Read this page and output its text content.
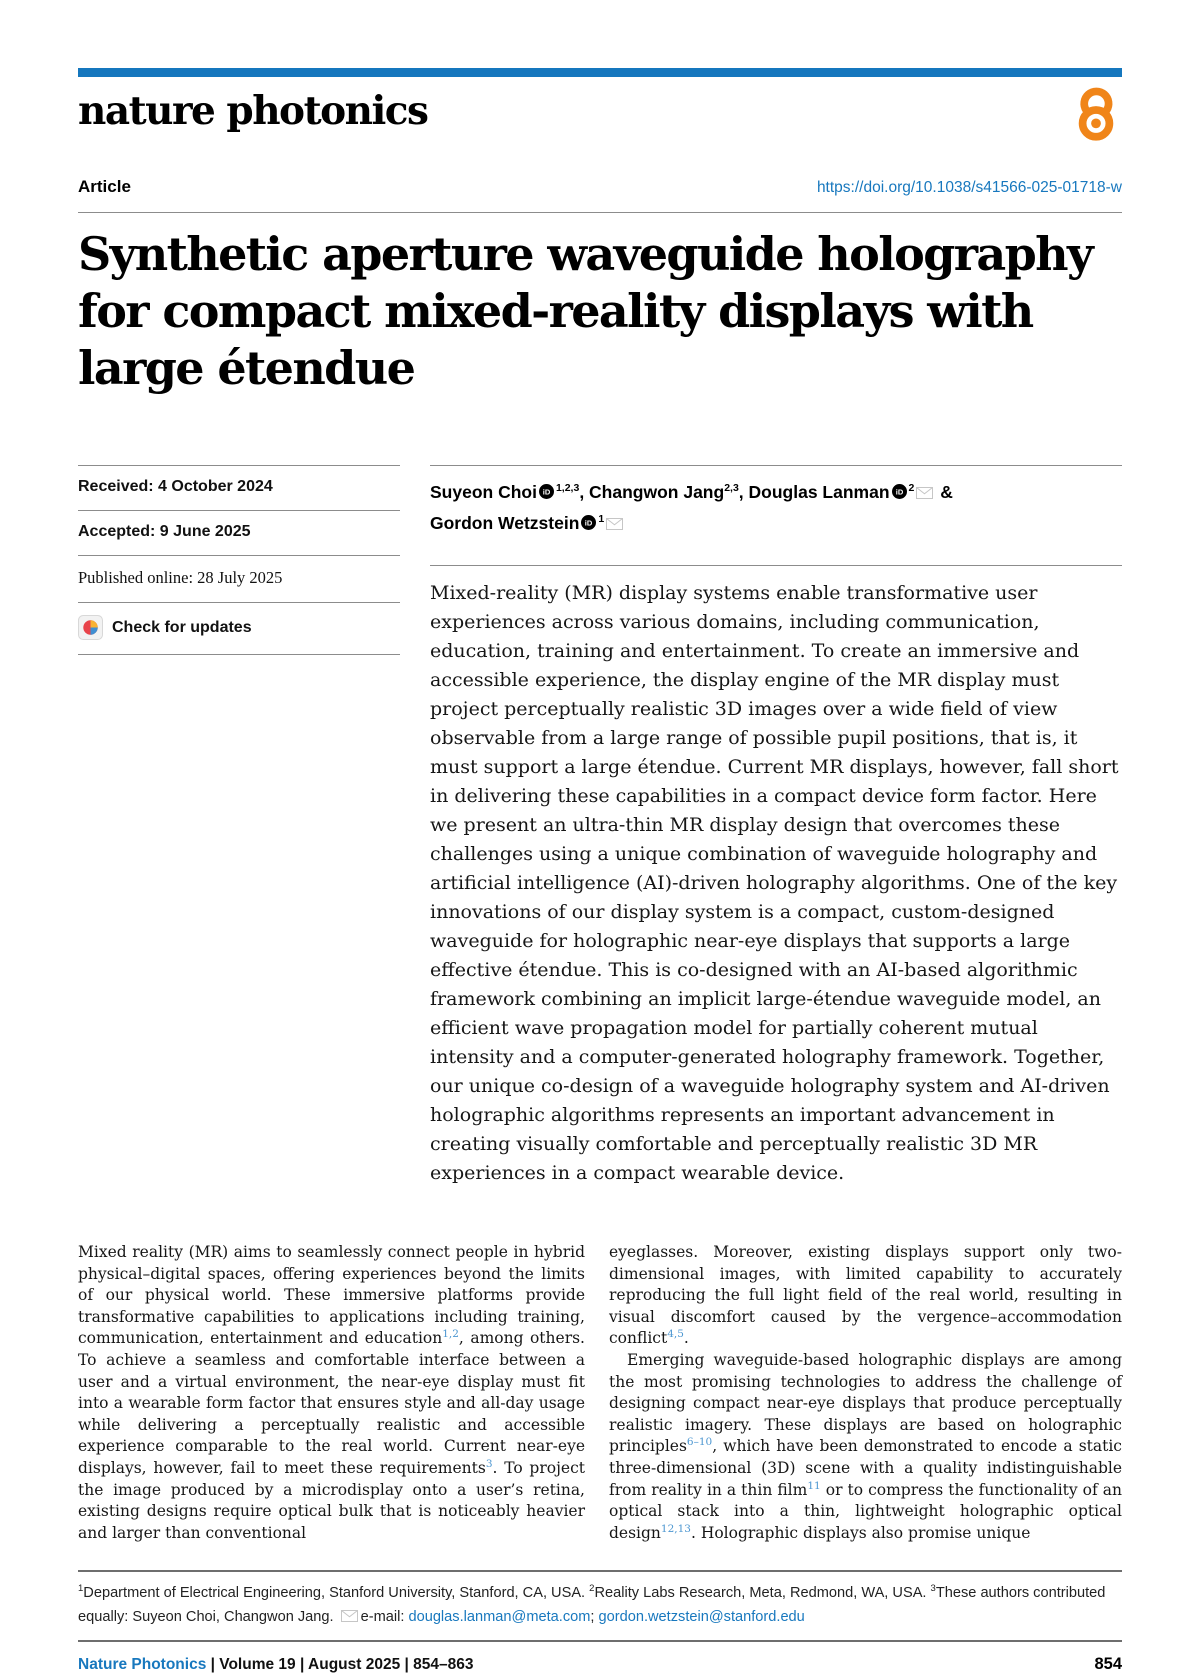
nature photonics
Article	https://doi.org/10.1038/s41566-025-01718-w
Synthetic aperture waveguide holography
for compact mixed-reality displays with
large étendue
Received: 4 October 2024
Accepted: 9 June 2025
Published online: 28 July 2025
Check for updates

Suyeon Choi iD $^{1,2,3}$, Changwon Jang$^{2,3}$, Douglas Lanman iD $^2$ &
Gordon Wetzstein iD $^1$

Mixed-reality (MR) display systems enable transformative user experiences across various domains, including communication, education, training and entertainment. To create an immersive and accessible experience, the display engine of the MR display must project perceptually realistic 3D images over a wide field of view observable from a large range of possible pupil positions, that is, it must support a large étendue. Current MR displays, however, fall short in delivering these capabilities in a compact device form factor. Here we present an ultra-thin MR display design that overcomes these challenges using a unique combination of waveguide holography and artificial intelligence (AI)-driven holography algorithms. One of the key innovations of our display system is a compact, custom-designed waveguide for holographic near-eye displays that supports a large effective étendue. This is co-designed with an AI-based algorithmic framework combining an implicit large-étendue waveguide model, an efficient wave propagation model for partially coherent mutual intensity and a computer-generated holography framework. Together, our unique co-design of a waveguide holography system and AI-driven holographic algorithms represents an important advancement in creating visually comfortable and perceptually realistic 3D MR experiences in a compact wearable device.

Mixed reality (MR) aims to seamlessly connect people in hybrid physical–digital spaces, offering experiences beyond the limits of our physical world. These immersive platforms provide transformative capabilities to applications including training, communication, entertainment and education$^{1,2}$, among others. To achieve a seamless and comfortable interface between a user and a virtual environment, the near-eye display must fit into a wearable form factor that ensures style and all-day usage while delivering a perceptually realistic and accessible experience comparable to the real world. Current near-eye displays, however, fail to meet these requirements$^3$. To project the image produced by a microdisplay onto a user’s retina, existing designs require optical bulk that is noticeably heavier and larger than conventional

eyeglasses. Moreover, existing displays support only two-dimensional images, with limited capability to accurately reproducing the full light field of the real world, resulting in visual discomfort caused by the vergence–accommodation conflict$^{4,5}$.

Emerging waveguide-based holographic displays are among the most promising technologies to address the challenge of designing compact near-eye displays that produce perceptually realistic imagery. These displays are based on holographic principles$^{6-10}$, which have been demonstrated to encode a static three-dimensional (3D) scene with a quality indistinguishable from reality in a thin film$^{11}$ or to compress the functionality of an optical stack into a thin, lightweight holographic optical design$^{12,13}$. Holographic displays also promise unique

$^1$Department of Electrical Engineering, Stanford University, Stanford, CA, USA. $^2$Reality Labs Research, Meta, Redmond, WA, USA. $^3$These authors contributed equally: Suyeon Choi, Changwon Jang. e-mail: douglas.lanman@meta.com; gordon.wetzstein@stanford.edu

Nature Photonics | Volume 19 | August 2025 | 854–863	854
